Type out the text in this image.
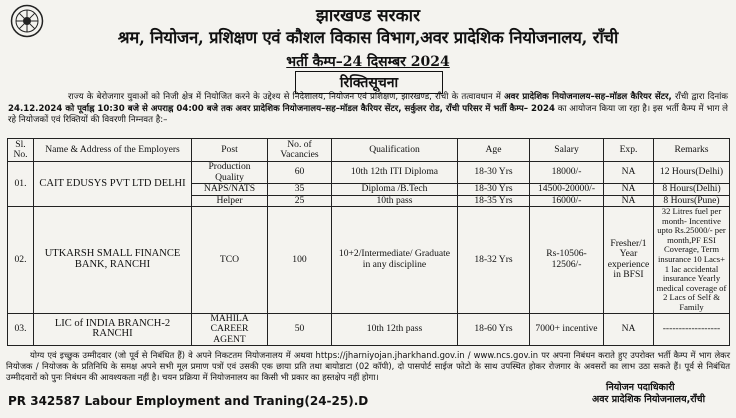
झारखण्ड सरकार
श्रम, नियोजन, प्रशिक्षण एवं कौशल विकास विभाग,अवर प्रादेशिक नियोजनालय, राँची
भर्ती कैम्प–24 दिसम्बर 2024
रिक्तिसूचना
राज्य के बेरोजगार युवाओं को निजी क्षेत्र में नियोजित करने के उद्देश्य से निदेशालय, नियोजन एवं प्रशिक्षण, झारखण्ड, राँची के तत्वावधान में अवर प्रादेशिक नियोजनालय–सह–मॉडल कैरियर सेंटर, राँची द्वारा दिनांक 24.12.2024 को पूर्वाह्न 10:30 बजे से अपराह्न 04:00 बजे तक अवर प्रादेशिक नियोजनालय–सह–मॉडल कैरियर सेंटर, सर्कुलर रोड, राँची परिसर में भर्ती कैम्प– 2024 का आयोजन किया जा रहा है। इस भर्ती कैम्प में भाग ले रहे नियोजकों एवं रिक्तियों की विवरणी निम्नवत है:–
Sl. No.	Name & Address of the Employers	Post	No. of Vacancies	Qualification	Age	Salary	Exp.	Remarks
01.	CAIT EDUSYS PVT LTD DELHI	Production Quality	60	10th 12th ITI Diploma	18-30 Yrs	18000/-	NA	12 Hours(Delhi)
		NAPS/NATS	35	Diploma /B.Tech	18-30 Yrs	14500-20000/-	NA	8 Hours(Delhi)
		Helper	25	10th pass	18-35 Yrs	16000/-	NA	8 Hours(Pune)
02.	UTKARSH SMALL FINANCE BANK, RANCHI	TCO	100	10+2/Intermediate/ Graduate in any discipline	18-32 Yrs	Rs-10506-12506/-	Fresher/1 Year experience in BFSI	32 Litres fuel per month- Incentive upto Rs.25000/- per month,PF ESI Coverage, Term insurance 10 Lacs+ 1 lac accidental insurance Yearly medical coverage of 2 Lacs of Self & Family
03.	LIC of INDIA BRANCH-2 RANCHI	MAHILA CAREER AGENT	50	10th 12th pass	18-60 Yrs	7000+ incentive	NA	------------------
योग्य एवं इच्छुक उम्मीदवार (जो पूर्व से निबंधित हैं) वे अपने निकटतम नियोजनालय में अथवा https://jharniyojan.jharkhand.gov.in / www.ncs.gov.in पर अपना निबंधन कराते हुए उपरोक्त भर्ती कैम्प में भाग लेकर नियोजक / नियोजक के प्रतिनिधि के समक्ष अपने सभी मूल प्रमाण पत्रों एवं उसकी एक छाया प्रति तथा बायोडाटा (02 कॉपी), दो पासपोर्ट साईज फोटो के साथ उपस्थित होकर रोजगार के अवसरों का लाभ उठा सकते हैं। पूर्व से निबंधित उम्मीदवारों को पुनः निबंधन की आवश्यकता नहीं है। चयन प्रक्रिया में नियोजनालय का किसी भी प्रकार का हस्तक्षेप नहीं होगा।
नियोजन पदाधिकारी
अवर प्रादेशिक नियोजनालय,राँची
PR 342587 Labour Employment and Traning(24-25).D
